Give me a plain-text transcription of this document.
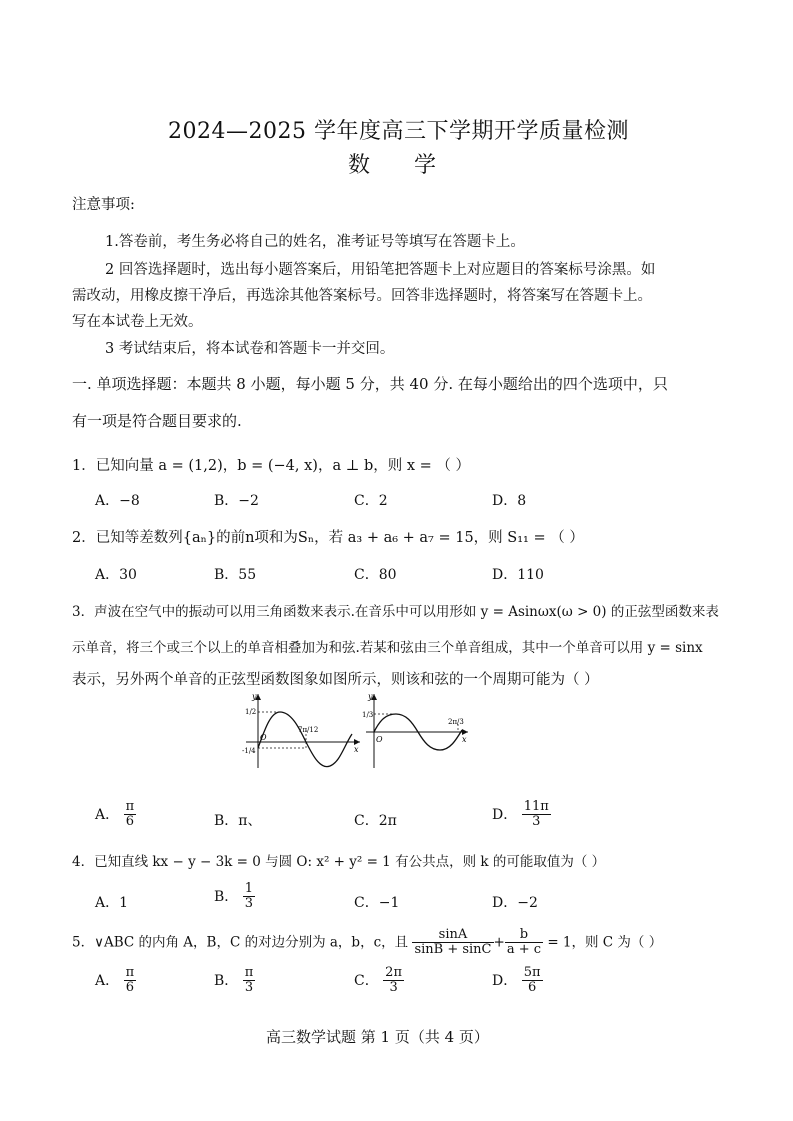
2024—2025 学年度高三下学期开学质量检测
数　　学
注意事项:
1.答卷前，考生务必将自己的姓名，准考证号等填写在答题卡上。
2 回答选择题时，选出每小题答案后，用铅笔把答题卡上对应题目的答案标号涂黑。如
需改动，用橡皮擦干净后，再选涂其他答案标号。回答非选择题时，将答案写在答题卡上。
写在本试卷上无效。
3 考试结束后，将本试卷和答题卡一并交回。
一. 单项选择题：本题共 8 小题，每小题 5 分，共 40 分. 在每小题给出的四个选项中，只
有一项是符合题目要求的.
1．已知向量 a = (1,2)，b = (−4, x)，a ⊥ b，则 x = （ ）
A．−8	B．−2	C．2	D．8
2．已知等差数列{aₙ}的前n项和为Sₙ，若 a₃ + a₆ + a₇ = 15，则 S₁₁ = （ ）
A．30	B．55	C．80	D．110
3．声波在空气中的振动可以用三角函数来表示.在音乐中可以用形如 y = Asinωx(ω > 0) 的正弦型函数来表
示单音，将三个或三个以上的单音相叠加为和弦.若某和弦由三个单音组成，其中一个单音可以用 y = sinx
表示，另外两个单音的正弦型函数图象如图所示，则该和弦的一个周期可能为（ ）
y
1/2
-1/4
O
7π/12
x
y
1/3
O
2π/3
x
A． $\frac{\pi}{6}$	B．π、	C．2π	D． $\frac{11\pi}{3}$
4．已知直线 kx − y − 3k = 0 与圆 O: x² + y² = 1 有公共点，则 k 的可能取值为（ ）
A．1	B． $\frac{1}{3}$	C．−1	D．−2
5．∨ABC 的内角 A，B，C 的对边分别为 a，b，c，且 $\frac{\sin A}{\sin B + \sin C} + \frac{b}{a + c} = 1$，则 C 为（ ）
A． $\frac{\pi}{6}$	B． $\frac{\pi}{3}$	C． $\frac{2\pi}{3}$	D． $\frac{5\pi}{6}$
高三数学试题 第 1 页（共 4 页）
